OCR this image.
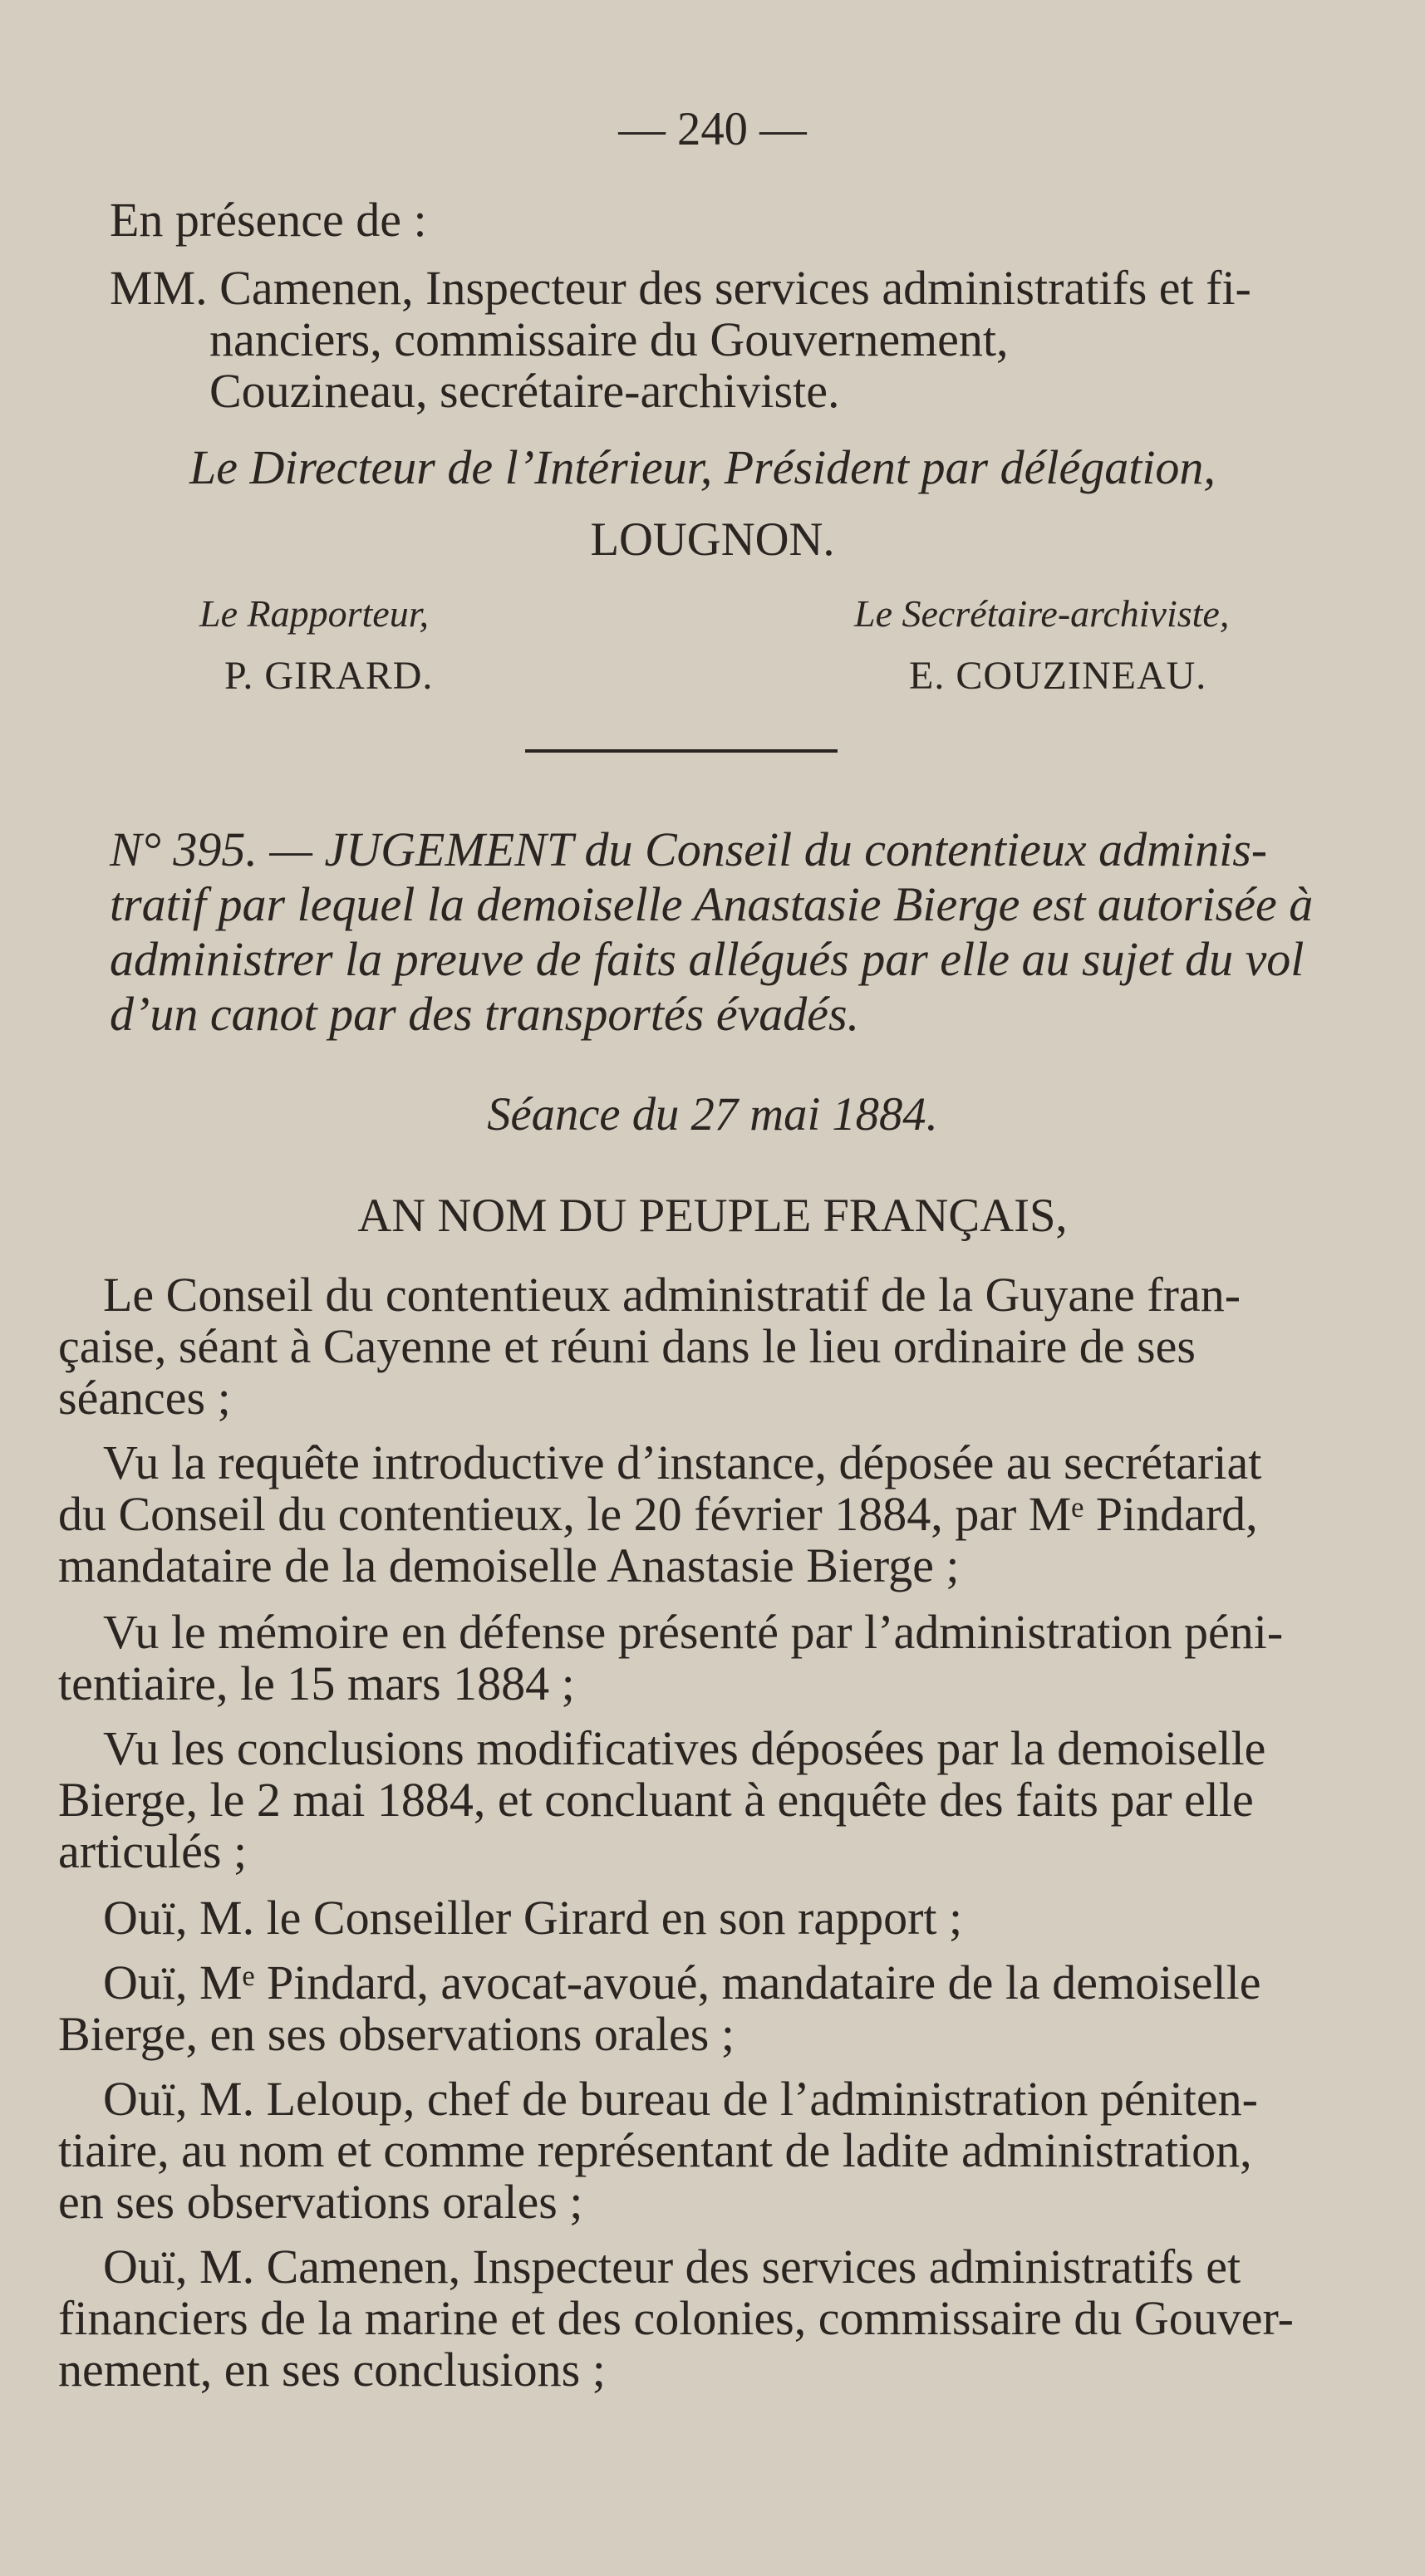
— 240 —
En présence de :
MM. Camenen, Inspecteur des services administratifs et fi-
nanciers, commissaire du Gouvernement,
Couzineau, secrétaire-archiviste.
Le Directeur de l’Intérieur, Président par délégation,
LOUGNON.
Le Rapporteur,	Le Secrétaire-archiviste,
P. GIRARD.	E. COUZINEAU.
N° 395. — JUGEMENT du Conseil du contentieux adminis-
tratif par lequel la demoiselle Anastasie Bierge est autorisée à
administrer la preuve de faits allégués par elle au sujet du vol
d’un canot par des transportés évadés.
Séance du 27 mai 1884.
AN NOM DU PEUPLE FRANÇAIS,
Le Conseil du contentieux administratif de la Guyane fran-
çaise, séant à Cayenne et réuni dans le lieu ordinaire de ses
séances ;
Vu la requête introductive d’instance, déposée au secrétariat
du Conseil du contentieux, le 20 février 1884, par Mᵉ Pindard,
mandataire de la demoiselle Anastasie Bierge ;
Vu le mémoire en défense présenté par l’administration péni-
tentiaire, le 15 mars 1884 ;
Vu les conclusions modificatives déposées par la demoiselle
Bierge, le 2 mai 1884, et concluant à enquête des faits par elle
articulés ;
Ouï, M. le Conseiller Girard en son rapport ;
Ouï, Mᵉ Pindard, avocat-avoué, mandataire de la demoiselle
Bierge, en ses observations orales ;
Ouï, M. Leloup, chef de bureau de l’administration péniten-
tiaire, au nom et comme représentant de ladite administration,
en ses observations orales ;
Ouï, M. Camenen, Inspecteur des services administratifs et
financiers de la marine et des colonies, commissaire du Gouver-
nement, en ses conclusions ;
